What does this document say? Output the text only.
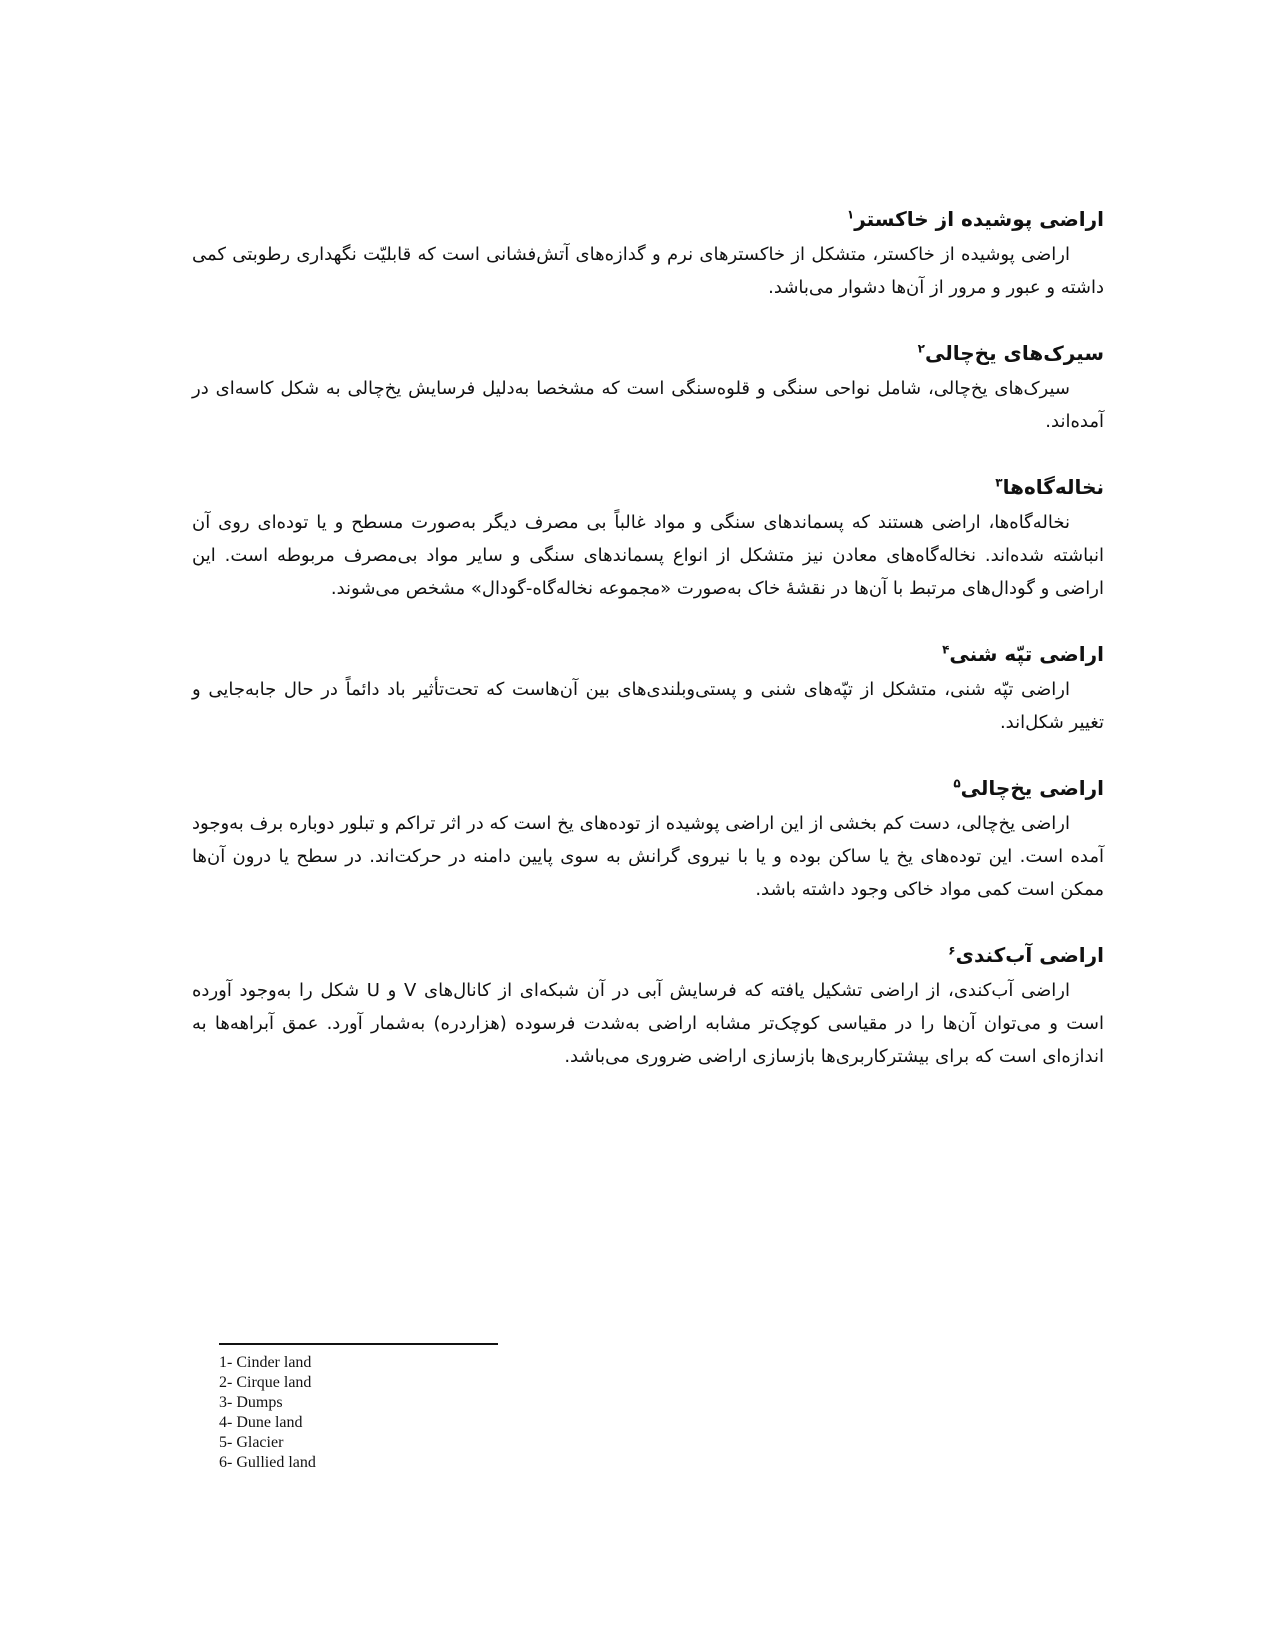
اراضی پوشیده از خاکستر$^۱$

اراضی پوشیده از خاکستر، متشکل از خاکسترهای نرم و گدازه‌های آتش‌فشانی است که قابلیّت نگهداری رطوبتی کمی داشته و عبور و مرور از آن‌ها دشوار می‌باشد.

سیرک‌های یخ‌چالی$^۲$

سیرک‌های یخ‌چالی، شامل نواحی سنگی و قلوه‌سنگی است که مشخصا به‌دلیل فرسایش یخ‌چالی به شکل کاسه‌ای در آمده‌اند.

نخاله‌گاه‌ها$^۳$

نخاله‌گاه‌ها، اراضی هستند که پسماندهای سنگی و مواد غالباً بی مصرف دیگر به‌صورت مسطح و یا توده‌ای روی آن انباشته شده‌اند. نخاله‌گاه‌های معادن نیز متشکل از انواع پسماندهای سنگی و سایر مواد بی‌مصرف مربوطه است. این اراضی و گودال‌های مرتبط با آن‌ها در نقشهٔ خاک به‌صورت «مجموعه نخاله‌گاه-گودال» مشخص می‌شوند.

اراضی تپّه شنی$^۴$

اراضی تپّه شنی، متشکل از تپّه‌های شنی و پستی‌وبلندی‌های بین آن‌هاست که تحت‌تأثیر باد دائماً در حال جابه‌جایی و تغییر شکل‌اند.

اراضی یخ‌چالی$^۵$

اراضی یخ‌چالی، دست کم بخشی از این اراضی پوشیده از توده‌های یخ است که در اثر تراکم و تبلور دوباره برف به‌وجود آمده است. این توده‌های یخ یا ساکن بوده و یا با نیروی گرانش به سوی پایین دامنه در حرکت‌اند. در سطح یا درون آن‌ها ممکن است کمی مواد خاکی وجود داشته باشد.

اراضی آب‌کندی$^۶$

اراضی آب‌کندی، از اراضی تشکیل یافته که فرسایش آبی در آن شبکه‌ای از کانال‌های V و U شکل را به‌وجود آورده است و می‌توان آن‌ها را در مقیاسی کوچک‌تر مشابه اراضی به‌شدت فرسوده (هزاردره) به‌شمار آورد. عمق آبراهه‌ها به اندازه‌ای است که برای بیشترکاربری‌ها بازسازی اراضی ضروری می‌باشد.

1- Cinder land
2- Cirque land
3- Dumps
4- Dune land
5- Glacier
6- Gullied land
